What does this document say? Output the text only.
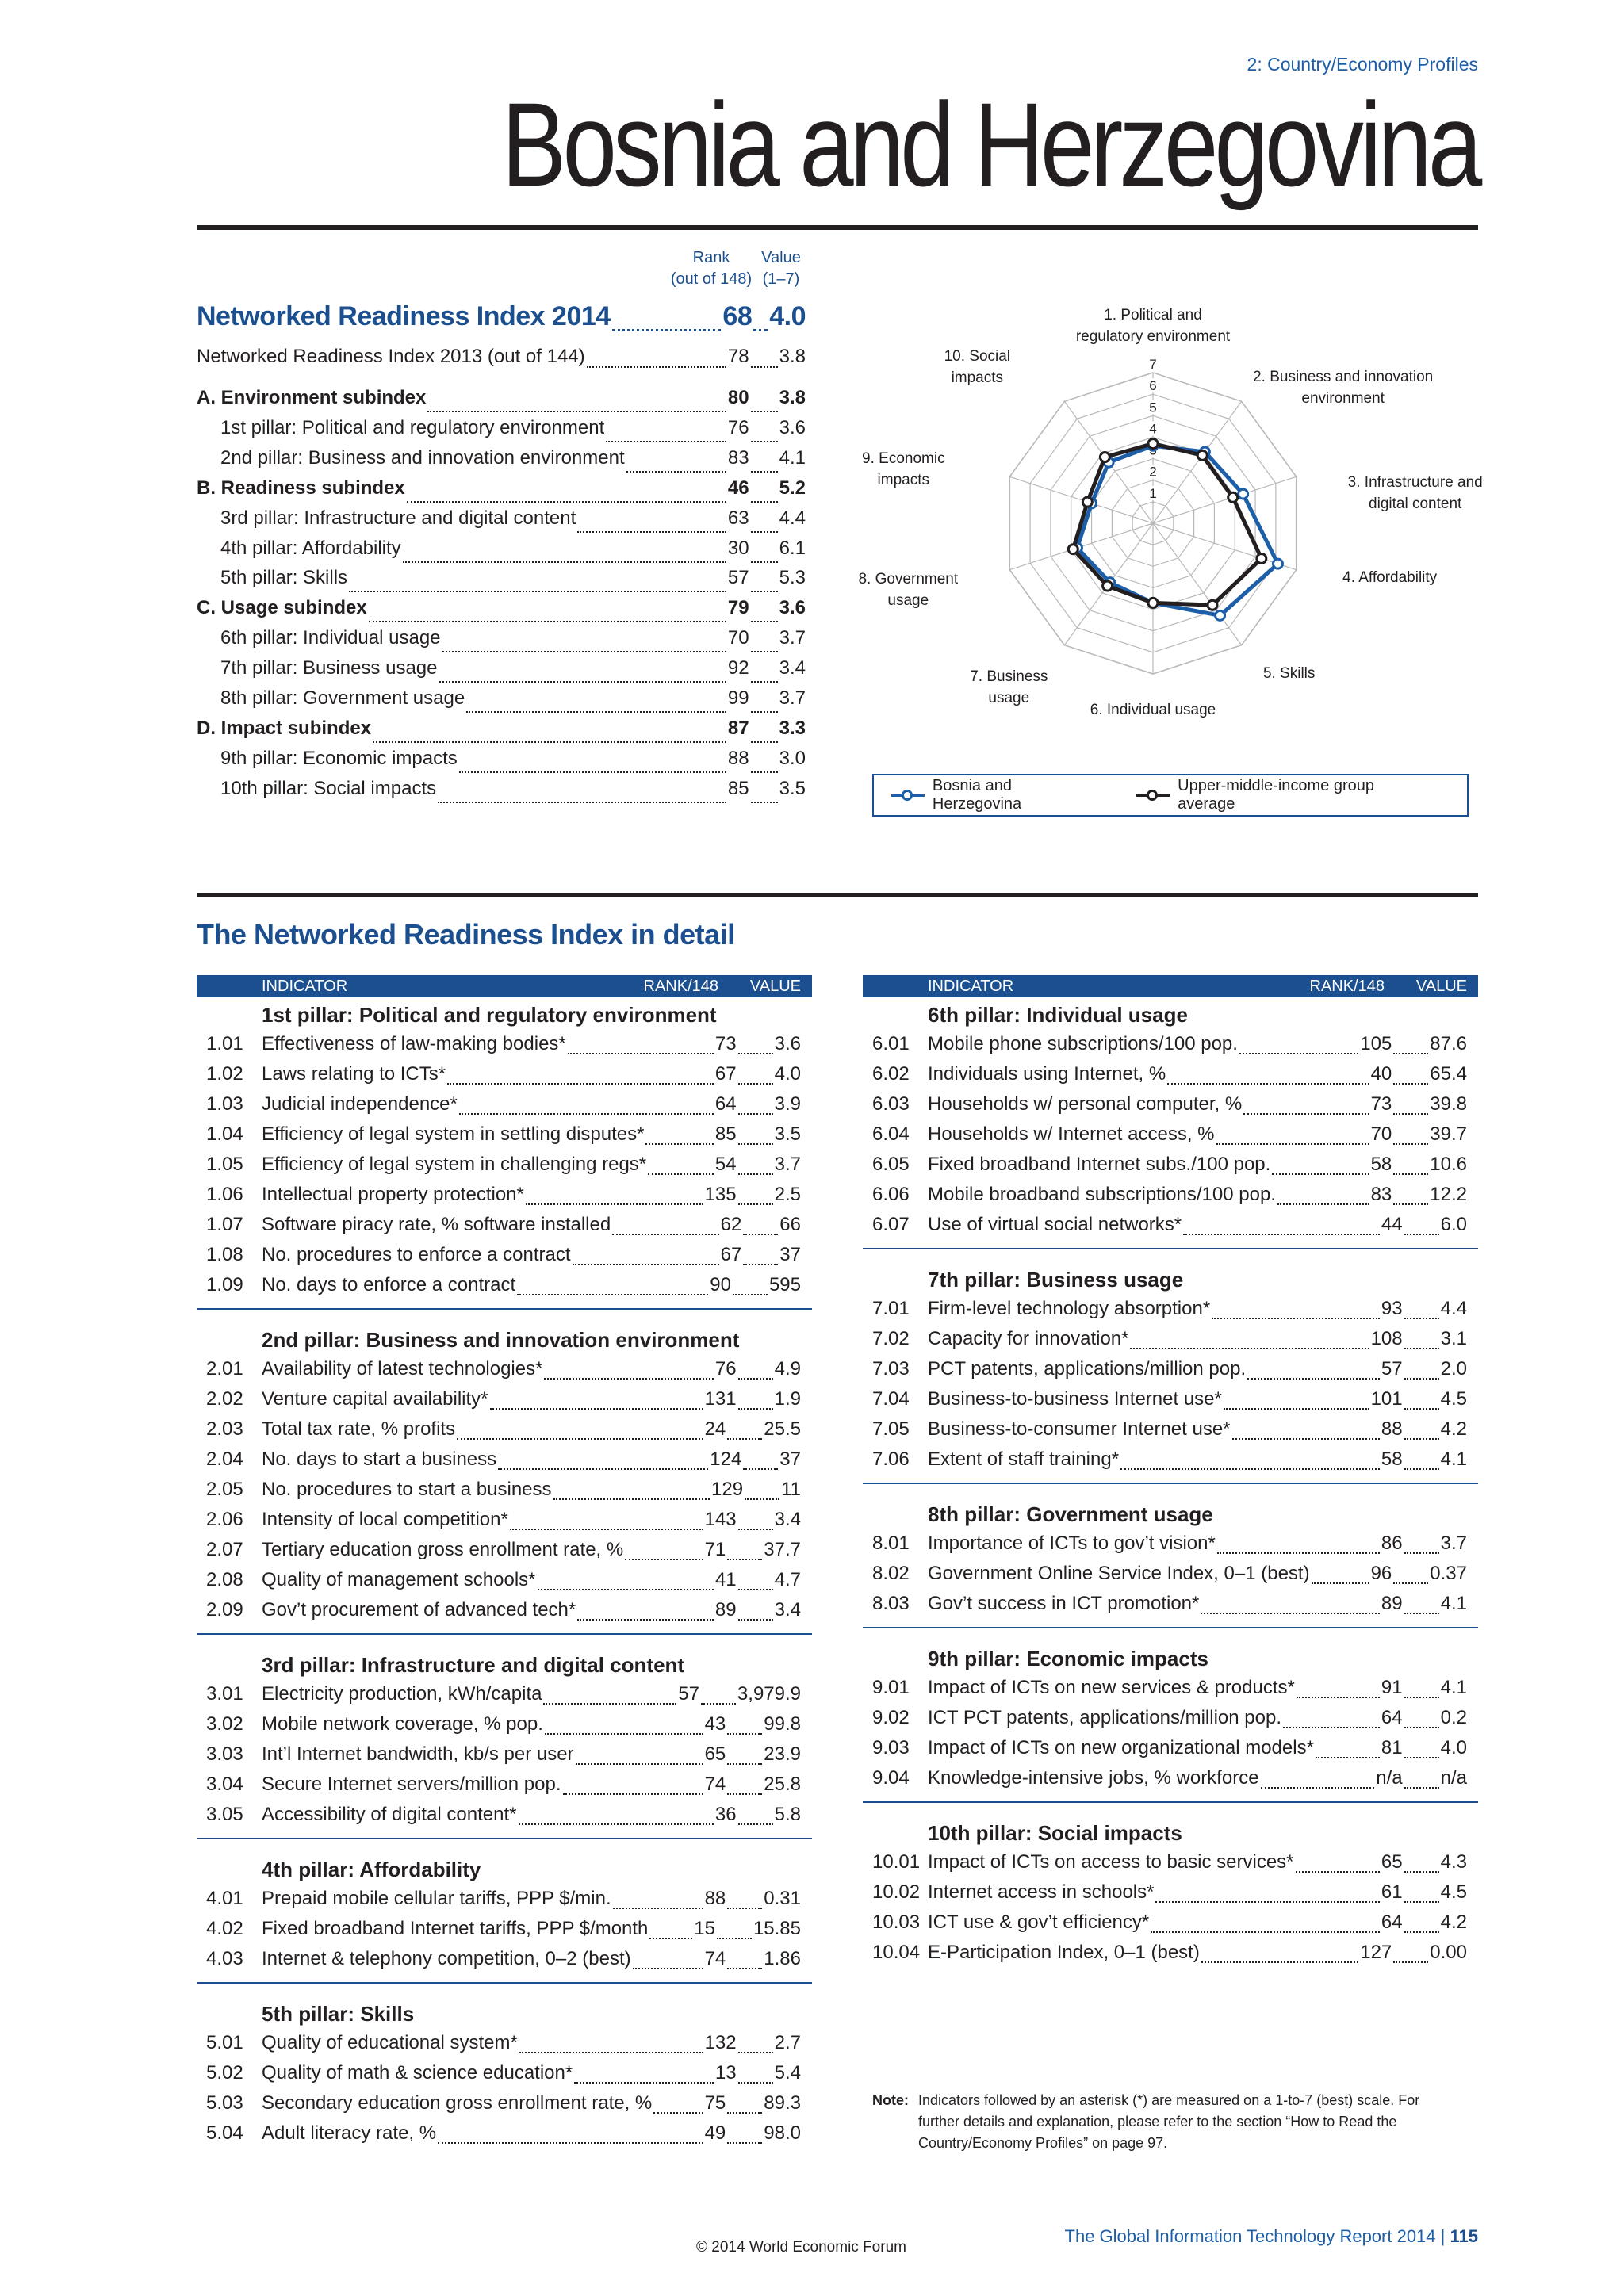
2: Country/Economy Profiles
Bosnia and Herzegovina
Rank
(out of 148)
Value
(1–7)
Networked Readiness Index 2014	68 4.0
Networked Readiness Index 2013 (out of 144)	78 3.8
A. Environment subindex	80 3.8
1st pillar: Political and regulatory environment	76 3.6
2nd pillar: Business and innovation environment	83 4.1
B. Readiness subindex	46 5.2
3rd pillar: Infrastructure and digital content	63 4.4
4th pillar: Affordability	30 6.1
5th pillar: Skills	57 5.3
C. Usage subindex	79 3.6
6th pillar: Individual usage	70 3.7
7th pillar: Business usage	92 3.4
8th pillar: Government usage	99 3.7
D. Impact subindex	87 3.3
9th pillar: Economic impacts	88 3.0
10th pillar: Social impacts	85 3.5
1
2
4
5
6
7
1. Political and
regulatory environment
2. Business and innovation
environment
3. Infrastructure and
digital content
4. Affordability
5. Skills
6. Individual usage
7. Business
usage
8. Government
usage
9. Economic
impacts
10. Social
impacts
Bosnia and Herzegovina
Upper-middle-income group average
The Networked Readiness Index in detail
INDICATOR	RANK/148 VALUE
1st pillar: Political and regulatory environment
1.01 Effectiveness of law-making bodies*	73 3.6
1.02 Laws relating to ICTs*	67 4.0
1.03 Judicial independence*	64 3.9
1.04 Efficiency of legal system in settling disputes*	85 3.5
1.05 Efficiency of legal system in challenging regs*	54 3.7
1.06 Intellectual property protection*	135 2.5
1.07 Software piracy rate, % software installed	62 66
1.08 No. procedures to enforce a contract	67 37
1.09 No. days to enforce a contract	90 595
2nd pillar: Business and innovation environment
2.01 Availability of latest technologies*	76 4.9
2.02 Venture capital availability*	131 1.9
2.03 Total tax rate, % profits	24 25.5
2.04 No. days to start a business	124 37
2.05 No. procedures to start a business	129 11
2.06 Intensity of local competition*	143 3.4
2.07 Tertiary education gross enrollment rate, %	71 37.7
2.08 Quality of management schools*	41 4.7
2.09 Gov’t procurement of advanced tech*	89 3.4
3rd pillar: Infrastructure and digital content
3.01 Electricity production, kWh/capita	57 3,979.9
3.02 Mobile network coverage, % pop.	43 99.8
3.03 Int’l Internet bandwidth, kb/s per user	65 23.9
3.04 Secure Internet servers/million pop.	74 25.8
3.05 Accessibility of digital content*	36 5.8
4th pillar: Affordability
4.01 Prepaid mobile cellular tariffs, PPP $/min.	88 0.31
4.02 Fixed broadband Internet tariffs, PPP $/month 15 15.85
4.03 Internet & telephony competition, 0–2 (best)	74 1.86
5th pillar: Skills
5.01 Quality of educational system*	132 2.7
5.02 Quality of math & science education*	13 5.4
5.03 Secondary education gross enrollment rate, %	75 89.3
5.04 Adult literacy rate, %	49 98.0
INDICATOR	RANK/148 VALUE
6th pillar: Individual usage
6.01 Mobile phone subscriptions/100 pop.	105 87.6
6.02 Individuals using Internet, %	40 65.4
6.03 Households w/ personal computer, %	73 39.8
6.04 Households w/ Internet access, %	70 39.7
6.05 Fixed broadband Internet subs./100 pop.	58 10.6
6.06 Mobile broadband subscriptions/100 pop.	83 12.2
6.07 Use of virtual social networks*	44 6.0
7th pillar: Business usage
7.01 Firm-level technology absorption*	93 4.4
7.02 Capacity for innovation*	108 3.1
7.03 PCT patents, applications/million pop.	57 2.0
7.04 Business-to-business Internet use*	101 4.5
7.05 Business-to-consumer Internet use*	88 4.2
7.06 Extent of staff training*	58 4.1
8th pillar: Government usage
8.01 Importance of ICTs to gov’t vision*	86 3.7
8.02 Government Online Service Index, 0–1 (best)	96 0.37
8.03 Gov’t success in ICT promotion*	89 4.1
9th pillar: Economic impacts
9.01 Impact of ICTs on new services & products*	91 4.1
9.02 ICT PCT patents, applications/million pop.	64 0.2
9.03 Impact of ICTs on new organizational models*	81 4.0
9.04 Knowledge-intensive jobs, % workforce	n/a n/a
10th pillar: Social impacts
10.01 Impact of ICTs on access to basic services*	65 4.3
10.02 Internet access in schools*	61 4.5
10.03 ICT use & gov’t efficiency*	64 4.2
10.04 E-Participation Index, 0–1 (best)	127 0.00
Note: Indicators followed by an asterisk (*) are measured on a 1-to-7 (best) scale. For further details and explanation, please refer to the section “How to Read the Country/Economy Profiles” on page 97.
© 2014 World Economic Forum
The Global Information Technology Report 2014 | 115
